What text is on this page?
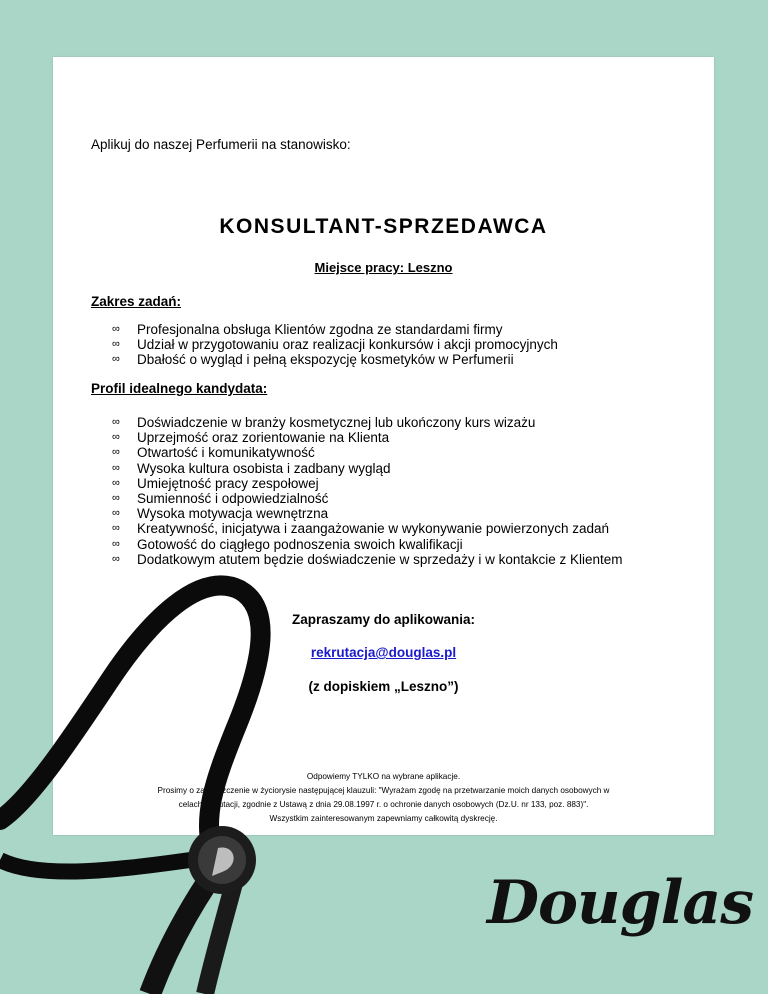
Aplikuj do naszej Perfumerii na stanowisko:
KONSULTANT-SPRZEDAWCA
Miejsce pracy: Leszno
Zakres zadań:
∞ Profesjonalna obsługa Klientów zgodna ze standardami firmy
∞ Udział w przygotowaniu oraz realizacji konkursów i akcji promocyjnych
∞ Dbałość o wygląd i pełną ekspozycję kosmetyków w Perfumerii
Profil idealnego kandydata:
∞ Doświadczenie w branży kosmetycznej lub ukończony kurs wizażu
∞ Uprzejmość oraz zorientowanie na Klienta
∞ Otwartość i komunikatywność
∞ Wysoka kultura osobista i zadbany wygląd
∞ Umiejętność pracy zespołowej
∞ Sumienność i odpowiedzialność
∞ Wysoka motywacja wewnętrzna
∞ Kreatywność, inicjatywa i zaangażowanie w wykonywanie powierzonych zadań
∞ Gotowość do ciągłego podnoszenia swoich kwalifikacji
∞ Dodatkowym atutem będzie doświadczenie w sprzedaży i w kontakcie z Klientem
Zapraszamy do aplikowania:
rekrutacja@douglas.pl
(z dopiskiem „Leszno”)
Odpowiemy TYLKO na wybrane aplikacje.
Prosimy o zamieszczenie w życiorysie następującej klauzuli: "Wyrażam zgodę na przetwarzanie moich danych osobowych w
celach rekrutacji, zgodnie z Ustawą z dnia 29.08.1997 r. o ochronie danych osobowych (Dz.U. nr 133, poz. 883)".
Wszystkim zainteresowanym zapewniamy całkowitą dyskrecję.
Douglas
